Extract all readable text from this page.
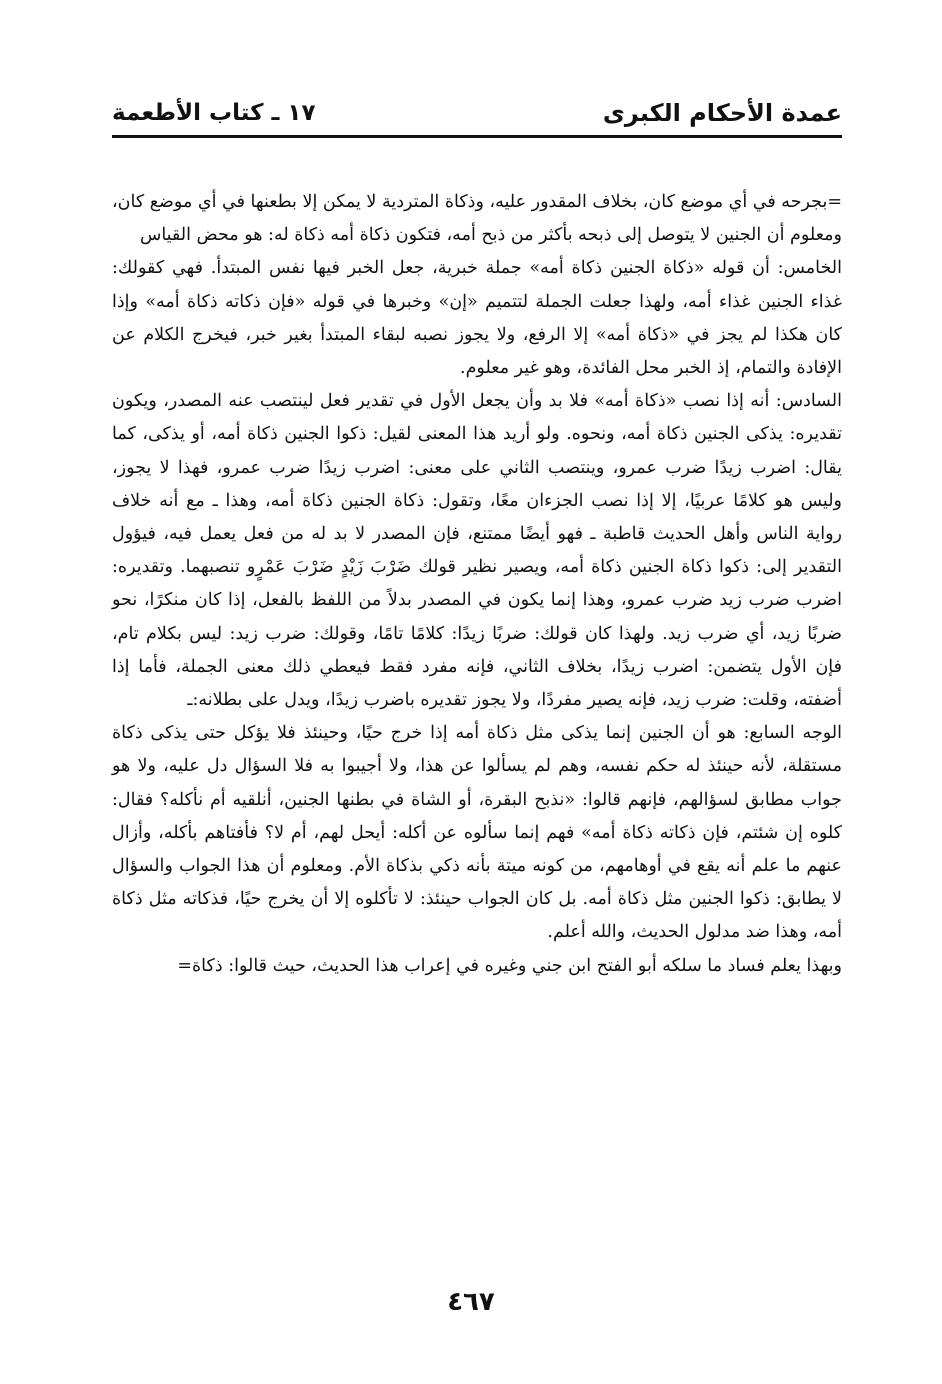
عمدة الأحكام الكبرى
١٧ ـ كتاب الأطعمة

=بجرحه في أي موضع كان، بخلاف المقدور عليه، وذكاة المتردية لا يمكن إلا بطعنها في أي موضع كان، ومعلوم أن الجنين لا يتوصل إلى ذبحه بأكثر من ذبح أمه، فتكون ذكاة أمه ذكاة له: هو محض القياس

الخامس: أن قوله «ذكاة الجنين ذكاة أمه» جملة خبرية، جعل الخبر فيها نفس المبتدأ. فهي كقولك: غذاء الجنين غذاء أمه، ولهذا جعلت الجملة لتتميم «إن» وخبرها في قوله «فإن ذكاته ذكاة أمه» وإذا كان هكذا لم يجز في «ذكاة أمه» إلا الرفع، ولا يجوز نصبه لبقاء المبتدأ بغير خبر، فيخرج الكلام عن الإفادة والتمام، إذ الخبر محل الفائدة، وهو غير معلوم.

السادس: أنه إذا نصب «ذكاة أمه» فلا بد وأن يجعل الأول في تقدير فعل لينتصب عنه المصدر، ويكون تقديره: يذكى الجنين ذكاة أمه، ونحوه. ولو أريد هذا المعنى لقيل: ذكوا الجنين ذكاة أمه، أو يذكى، كما يقال: اضرب زيدًا ضرب عمرو، وينتصب الثاني على معنى: اضرب زيدًا ضرب عمرو، فهذا لا يجوز، وليس هو كلامًا عربيًا، إلا إذا نصب الجزءان معًا، وتقول: ذكاة الجنين ذكاة أمه، وهذا ـ مع أنه خلاف رواية الناس وأهل الحديث قاطبة ـ فهو أيضًا ممتنع، فإن المصدر لا بد له من فعل يعمل فيه، فيؤول التقدير إلى: ذكوا ذكاة الجنين ذكاة أمه، ويصير نظير قولك ضَرْبَ زَيْدٍ ضَرْبَ عَمْرٍو تنصبهما. وتقديره: اضرب ضرب زيد ضرب عمرو، وهذا إنما يكون في المصدر بدلاً من اللفظ بالفعل، إذا كان منكرًا، نحو ضربًا زيد، أي ضرب زيد. ولهذا كان قولك: ضربًا زيدًا: كلامًا تامًا، وقولك: ضرب زيد: ليس بكلام تام، فإن الأول يتضمن: اضرب زيدًا، بخلاف الثاني، فإنه مفرد فقط فيعطي ذلك معنى الجملة، فأما إذا أضفته، وقلت: ضرب زيد، فإنه يصير مفردًا، ولا يجوز تقديره باضرب زيدًا، ويدل على بطلانه:ـ

الوجه السابع: هو أن الجنين إنما يذكى مثل ذكاة أمه إذا خرج حيًا، وحينئذ فلا يؤكل حتى يذكى ذكاة مستقلة، لأنه حينئذ له حكم نفسه، وهم لم يسألوا عن هذا، ولا أجيبوا به فلا السؤال دل عليه، ولا هو جواب مطابق لسؤالهم، فإنهم قالوا: «نذبح البقرة، أو الشاة في بطنها الجنين، أنلقيه أم نأكله؟ فقال: كلوه إن شئتم، فإن ذكاته ذكاة أمه» فهم إنما سألوه عن أكله: أيحل لهم، أم لا؟ فأفتاهم بأكله، وأزال عنهم ما علم أنه يقع في أوهامهم، من كونه ميتة بأنه ذكي بذكاة الأم. ومعلوم أن هذا الجواب والسؤال لا يطابق: ذكوا الجنين مثل ذكاة أمه. بل كان الجواب حينئذ: لا تأكلوه إلا أن يخرج حيًا، فذكاته مثل ذكاة أمه، وهذا ضد مدلول الحديث، والله أعلم.

وبهذا يعلم فساد ما سلكه أبو الفتح ابن جني وغيره في إعراب هذا الحديث، حيث قالوا: ذكاة=

٤٦٧
